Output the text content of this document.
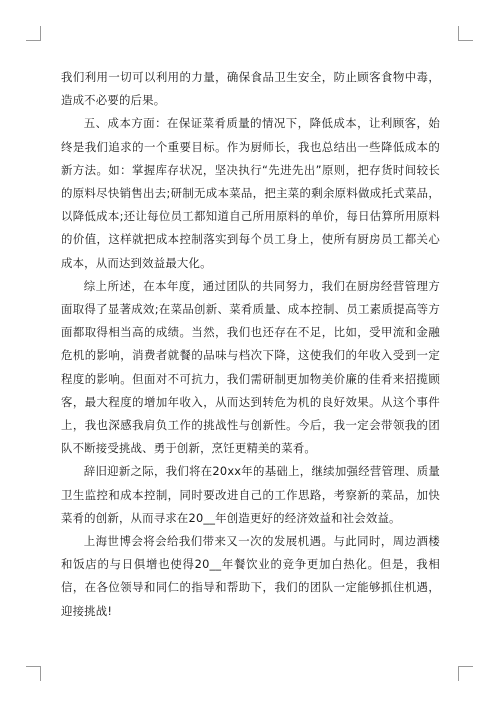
我们利用一切可以利用的力量，确保食品卫生安全，防止顾客食物中毒，造成不必要的后果。

五、成本方面：在保证菜肴质量的情况下，降低成本，让利顾客，始终是我们追求的一个重要目标。作为厨师长，我也总结出一些降低成本的新方法。如：掌握库存状况，坚决执行“先进先出”原则，把存货时间较长的原料尽快销售出去;研制无成本菜品，把主菜的剩余原料做成托式菜品，以降低成本;还让每位员工都知道自己所用原料的单价，每日估算所用原料的价值，这样就把成本控制落实到每个员工身上，使所有厨房员工都关心成本，从而达到效益最大化。

综上所述，在本年度，通过团队的共同努力，我们在厨房经营管理方面取得了显著成效;在菜品创新、菜肴质量、成本控制、员工素质提高等方面都取得相当高的成绩。当然，我们也还存在不足，比如，受甲流和金融危机的影响，消费者就餐的品味与档次下降，这使我们的年收入受到一定程度的影响。但面对不可抗力，我们需研制更加物美价廉的佳肴来招揽顾客，最大程度的增加年收入，从而达到转危为机的良好效果。从这个事件上，我也深感我肩负工作的挑战性与创新性。今后，我一定会带领我的团队不断接受挑战、勇于创新，烹饪更精美的菜肴。

辞旧迎新之际，我们将在20xx年的基础上，继续加强经营管理、质量卫生监控和成本控制，同时要改进自己的工作思路，考察新的菜品，加快菜肴的创新，从而寻求在20__年创造更好的经济效益和社会效益。

上海世博会将会给我们带来又一次的发展机遇。与此同时，周边酒楼和饭店的与日俱增也使得20__年餐饮业的竞争更加白热化。但是，我相信，在各位领导和同仁的指导和帮助下，我们的团队一定能够抓住机遇，迎接挑战!
